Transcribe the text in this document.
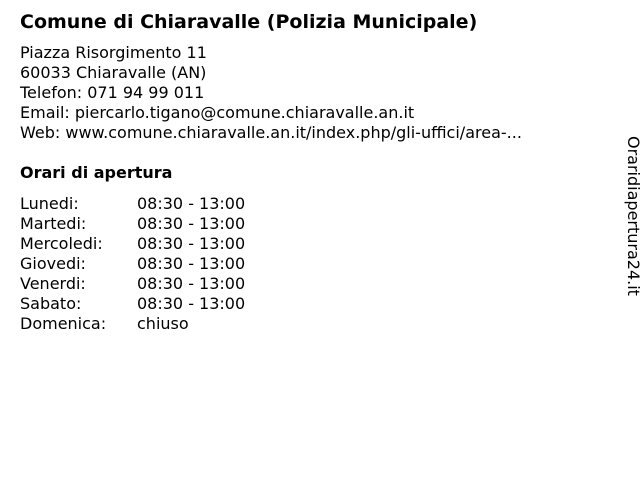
Comune di Chiaravalle (Polizia Municipale)
Piazza Risorgimento 11
60033 Chiaravalle (AN)
Telefon: 071 94 99 011
Email: piercarlo.tigano@comune.chiaravalle.an.it
Web: www.comune.chiaravalle.an.it/index.php/gli-uffici/area-...
Orari di apertura
Lunedi:	08:30 - 13:00
Martedi:	08:30 - 13:00
Mercoledi:	08:30 - 13:00
Giovedi:	08:30 - 13:00
Venerdi:	08:30 - 13:00
Sabato:	08:30 - 13:00
Domenica:	chiuso
Oraridiapertura24.it
